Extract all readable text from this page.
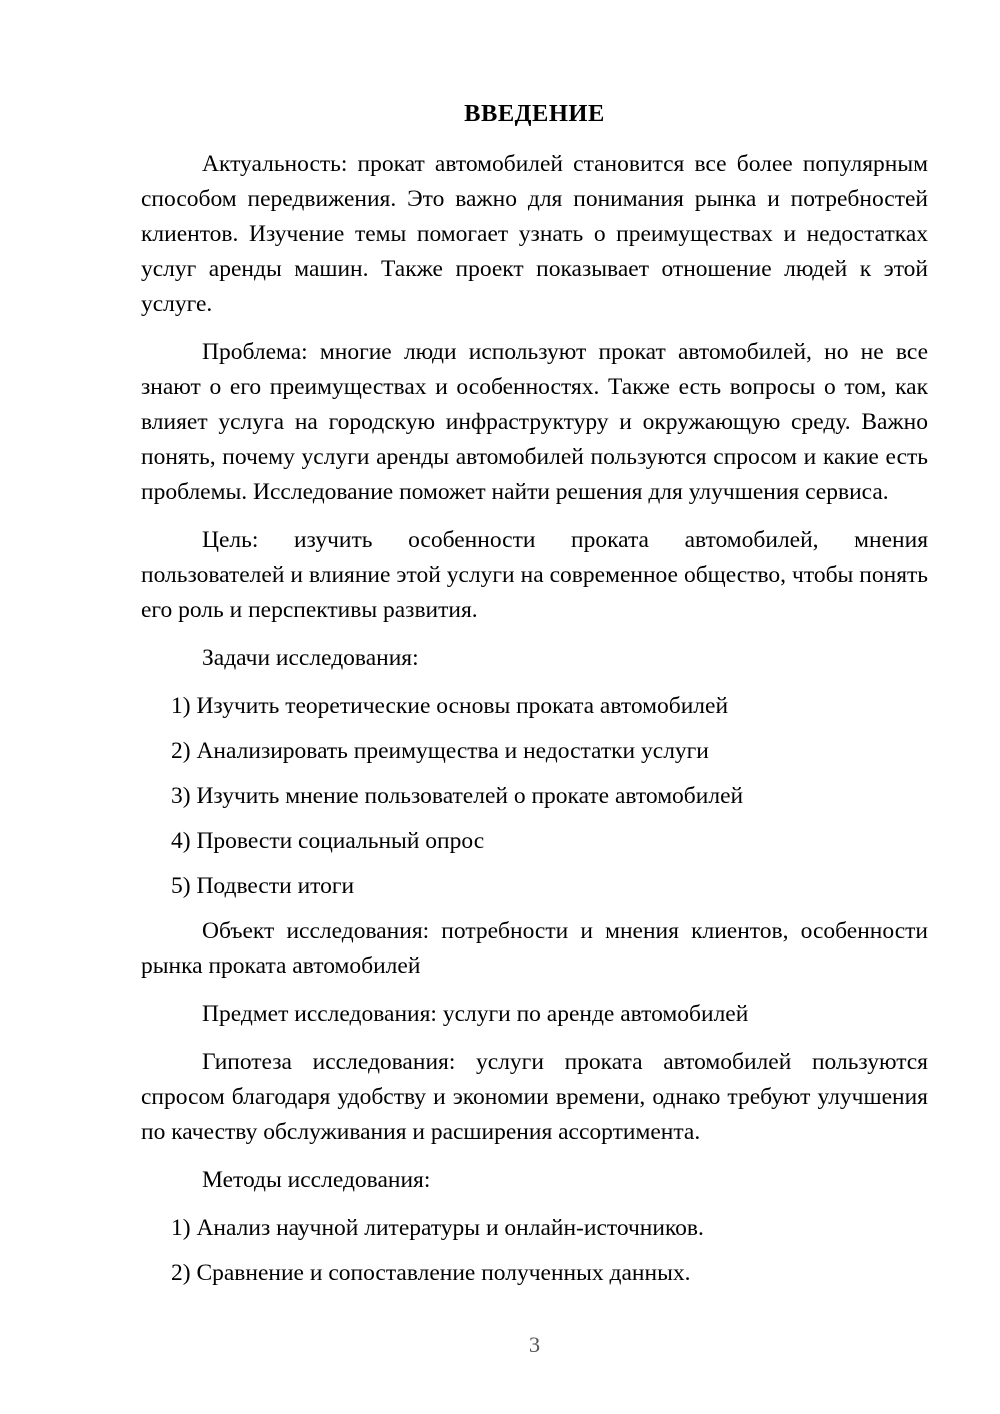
ВВЕДЕНИЕ

Актуальность: прокат автомобилей становится все более популярным способом передвижения. Это важно для понимания рынка и потребностей клиентов. Изучение темы помогает узнать о преимуществах и недостатках услуг аренды машин. Также проект показывает отношение людей к этой услуге.

Проблема: многие люди используют прокат автомобилей, но не все знают о его преимуществах и особенностях. Также есть вопросы о том, как влияет услуга на городскую инфраструктуру и окружающую среду. Важно понять, почему услуги аренды автомобилей пользуются спросом и какие есть проблемы. Исследование поможет найти решения для улучшения сервиса.

Цель: изучить особенности проката автомобилей, мнения пользователей и влияние этой услуги на современное общество, чтобы понять его роль и перспективы развития.

Задачи исследования:

1) Изучить теоретические основы проката автомобилей

2) Анализировать преимущества и недостатки услуги

3) Изучить мнение пользователей о прокате автомобилей

4) Провести социальный опрос

5) Подвести итоги

Объект исследования: потребности и мнения клиентов, особенности рынка проката автомобилей

Предмет исследования: услуги по аренде автомобилей

Гипотеза исследования: услуги проката автомобилей пользуются спросом благодаря удобству и экономии времени, однако требуют улучшения по качеству обслуживания и расширения ассортимента.

Методы исследования:

1) Анализ научной литературы и онлайн-источников.

2) Сравнение и сопоставление полученных данных.

3
